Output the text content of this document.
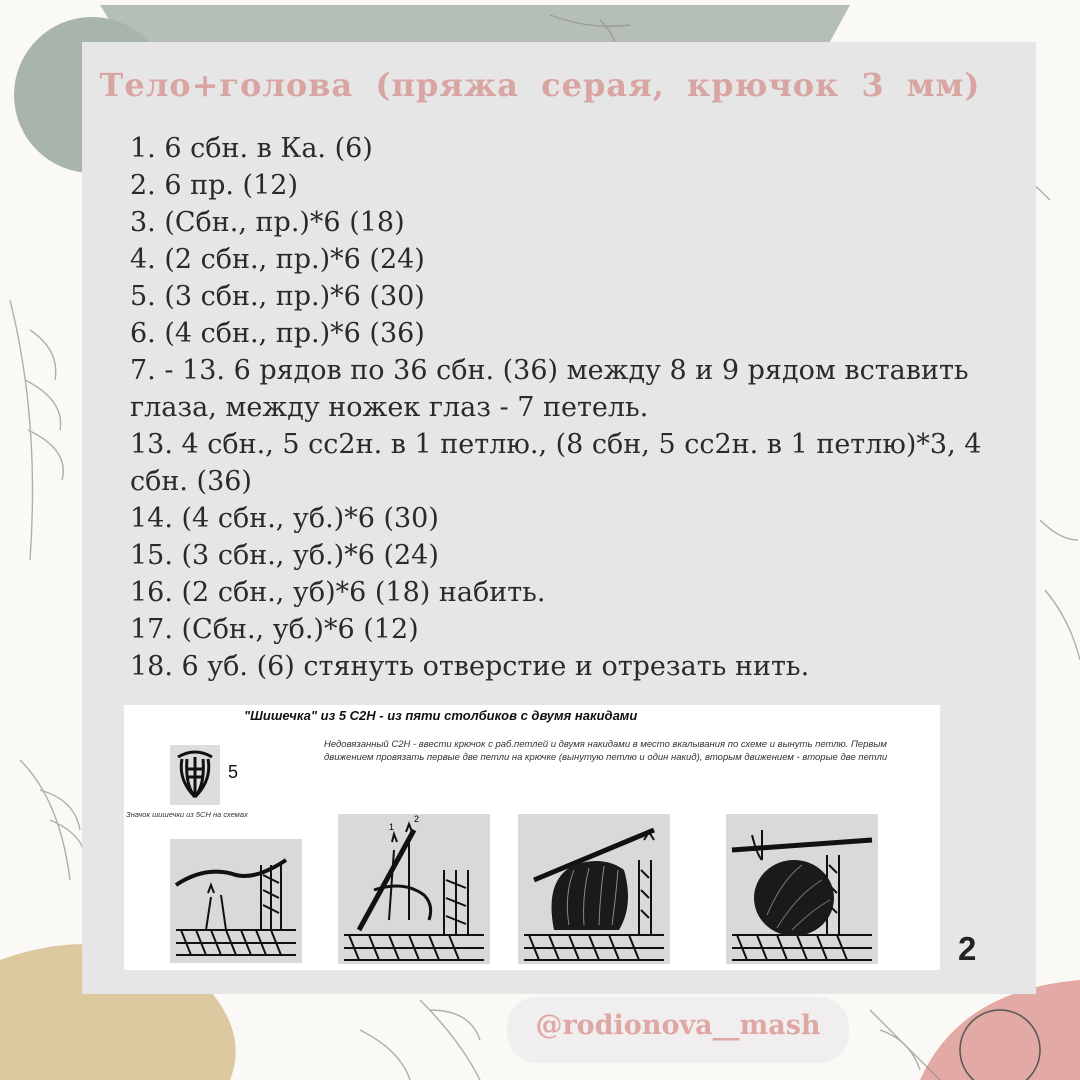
Тело+голова (пряжа серая, крючок 3 мм)
1. 6 сбн. в Ка. (6)
2. 6 пр. (12)
3. (Сбн., пр.)*6 (18)
4. (2 сбн., пр.)*6 (24)
5. (3 сбн., пр.)*6 (30)
6. (4 сбн., пр.)*6 (36)
7. - 13. 6 рядов по 36 сбн. (36) между 8 и 9 рядом вставить глаза, между ножек глаз - 7 петель.
13. 4 сбн., 5 сс2н. в 1 петлю., (8 сбн, 5 сс2н. в 1 петлю)*3, 4 сбн. (36)
14. (4 сбн., уб.)*6 (30)
15. (3 сбн., уб.)*6 (24)
16. (2 сбн., уб)*6 (18) набить.
17. (Сбн., уб.)*6 (12)
18. 6 уб. (6) стянуть отверстие и отрезать нить.
"Шишечка" из 5 С2Н - из пяти столбиков с двумя накидами
Недовязанный С2Н - ввести крючок с раб.петлей и двумя накидами в место вкалывания по схеме и вынуть петлю. Первым движением провязать первые две петли на крючке (вынутую петлю и один накид), вторым движением - вторые две петли
5
Значок шишечки из 5СН на схемах
1
2
2
@rodionova__mash
